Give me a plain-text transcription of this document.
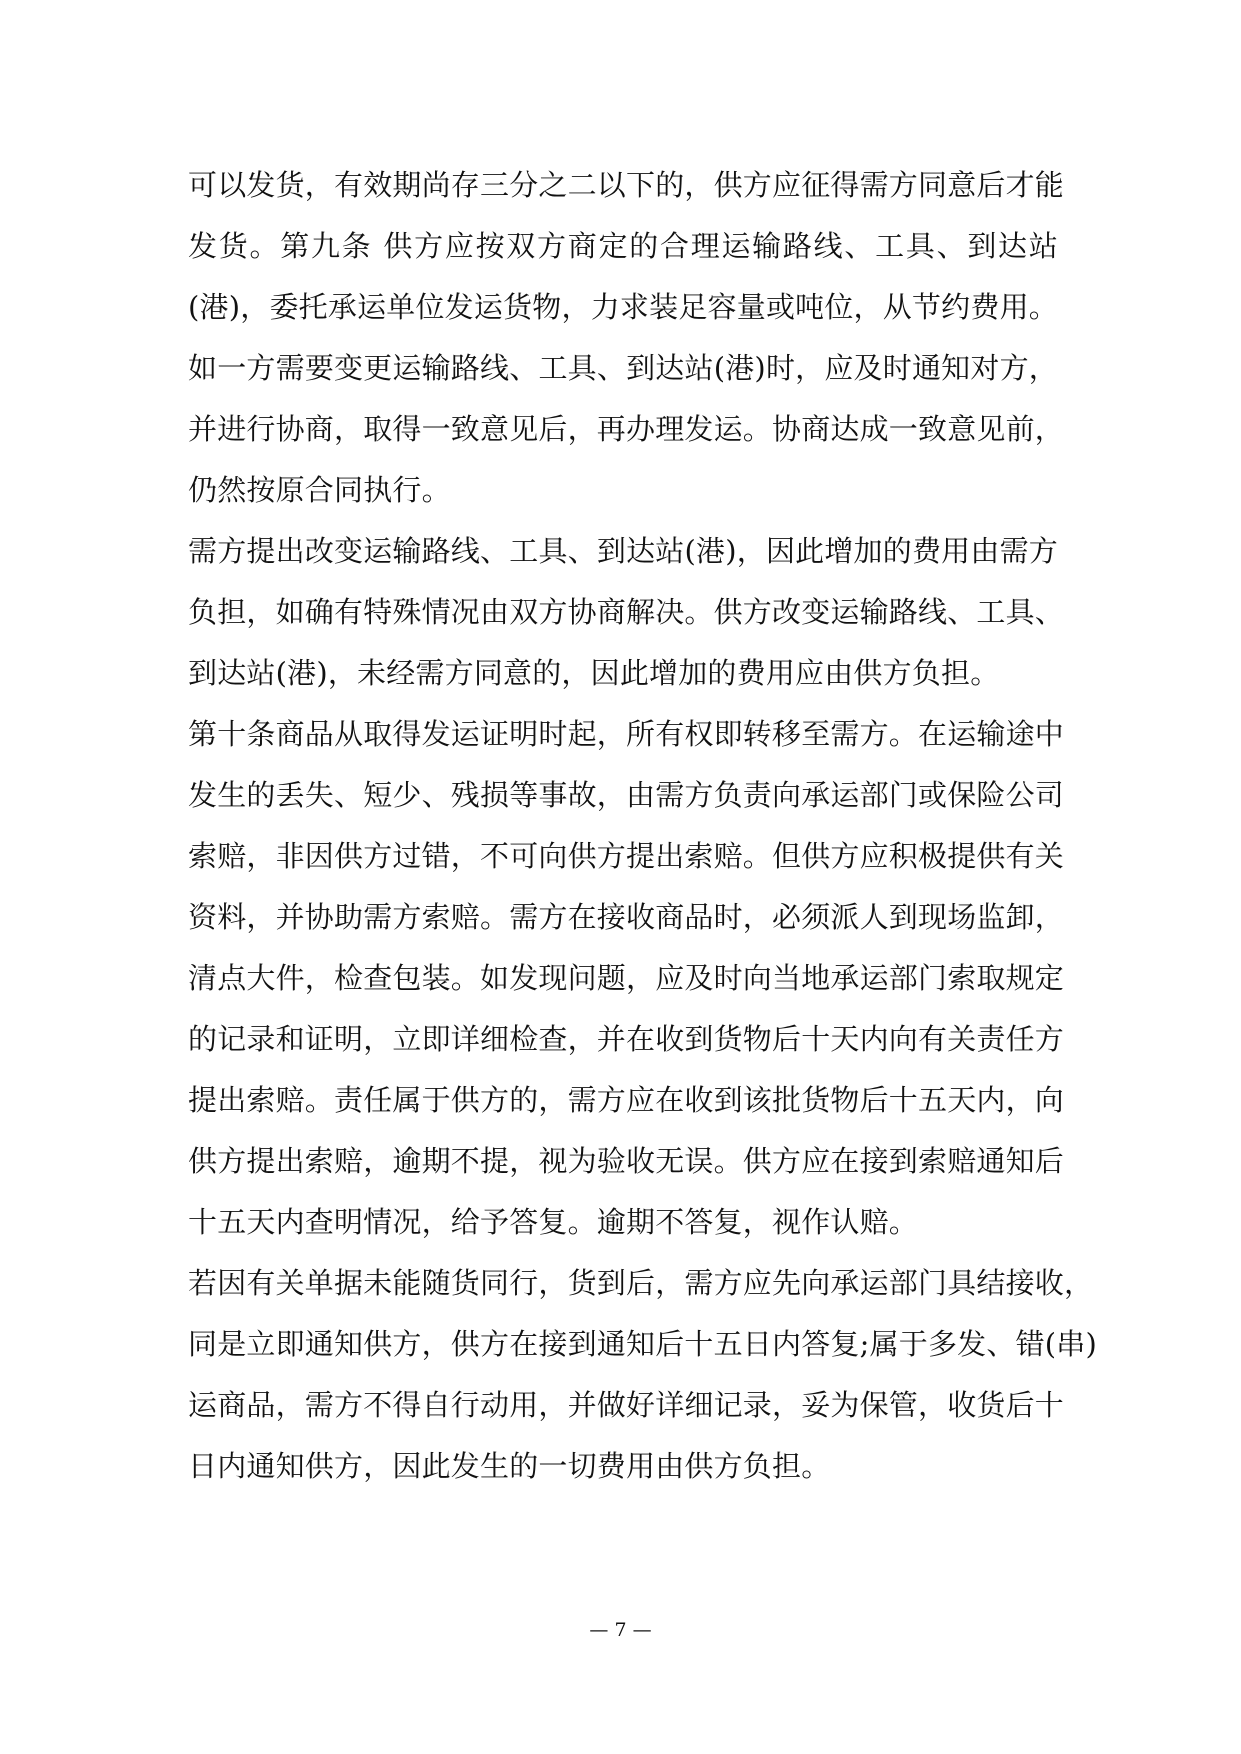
可以发货，有效期尚存三分之二以下的，供方应征得需方同意后才能
发货。第九条 供方应按双方商定的合理运输路线、工具、到达站
(港)，委托承运单位发运货物，力求装足容量或吨位，从节约费用。
如一方需要变更运输路线、工具、到达站(港)时，应及时通知对方，
并进行协商，取得一致意见后，再办理发运。协商达成一致意见前，
仍然按原合同执行。
需方提出改变运输路线、工具、到达站(港)，因此增加的费用由需方
负担，如确有特殊情况由双方协商解决。供方改变运输路线、工具、
到达站(港)，未经需方同意的，因此增加的费用应由供方负担。
第十条商品从取得发运证明时起，所有权即转移至需方。在运输途中
发生的丢失、短少、残损等事故，由需方负责向承运部门或保险公司
索赔，非因供方过错，不可向供方提出索赔。但供方应积极提供有关
资料，并协助需方索赔。需方在接收商品时，必须派人到现场监卸，
清点大件，检查包装。如发现问题，应及时向当地承运部门索取规定
的记录和证明，立即详细检查，并在收到货物后十天内向有关责任方
提出索赔。责任属于供方的，需方应在收到该批货物后十五天内，向
供方提出索赔，逾期不提，视为验收无误。供方应在接到索赔通知后
十五天内查明情况，给予答复。逾期不答复，视作认赔。
若因有关单据未能随货同行，货到后，需方应先向承运部门具结接收，
同是立即通知供方，供方在接到通知后十五日内答复;属于多发、错(串)
运商品，需方不得自行动用，并做好详细记录，妥为保管，收货后十
日内通知供方，因此发生的一切费用由供方负担。
— 7 —
